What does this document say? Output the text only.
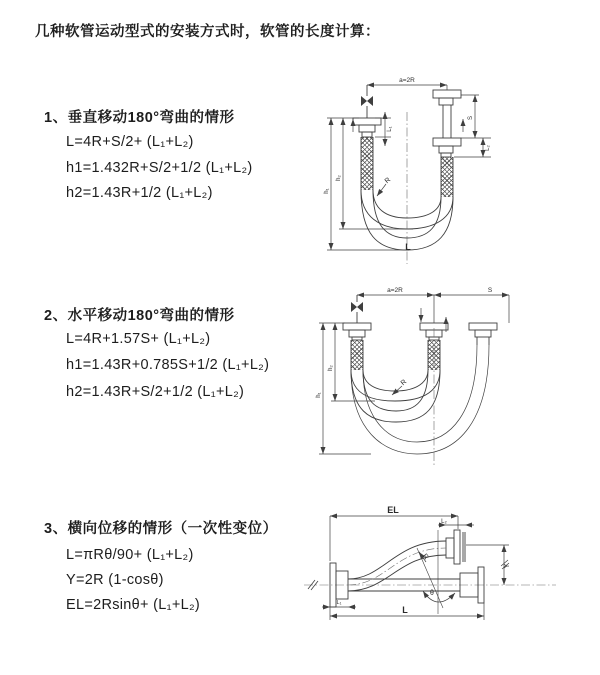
几种软管运动型式的安装方式时，软管的长度计算：
1、垂直移动180°弯曲的情形
L=4R+S/2+ (L₁+L₂)
h1=1.432R+S/2+1/2 (L₁+L₂)
h2=1.43R+1/2 (L₁+L₂)
2、水平移动180°弯曲的情形
L=4R+1.57S+ (L₁+L₂)
h1=1.43R+0.785S+1/2 (L₁+L₂)
h2=1.43R+S/2+1/2 (L₁+L₂)
3、横向位移的情形（一次性变位）
L=πRθ/90+ (L₁+L₂)
Y=2R (1-cosθ)
EL=2Rsinθ+ (L₁+L₂)
a=2R
L₁
S
L₂
h₁
h₂	R
L
a=2R	S
h₁
h₂
R
EL
L₂
Y
R
θ
L
L₁
